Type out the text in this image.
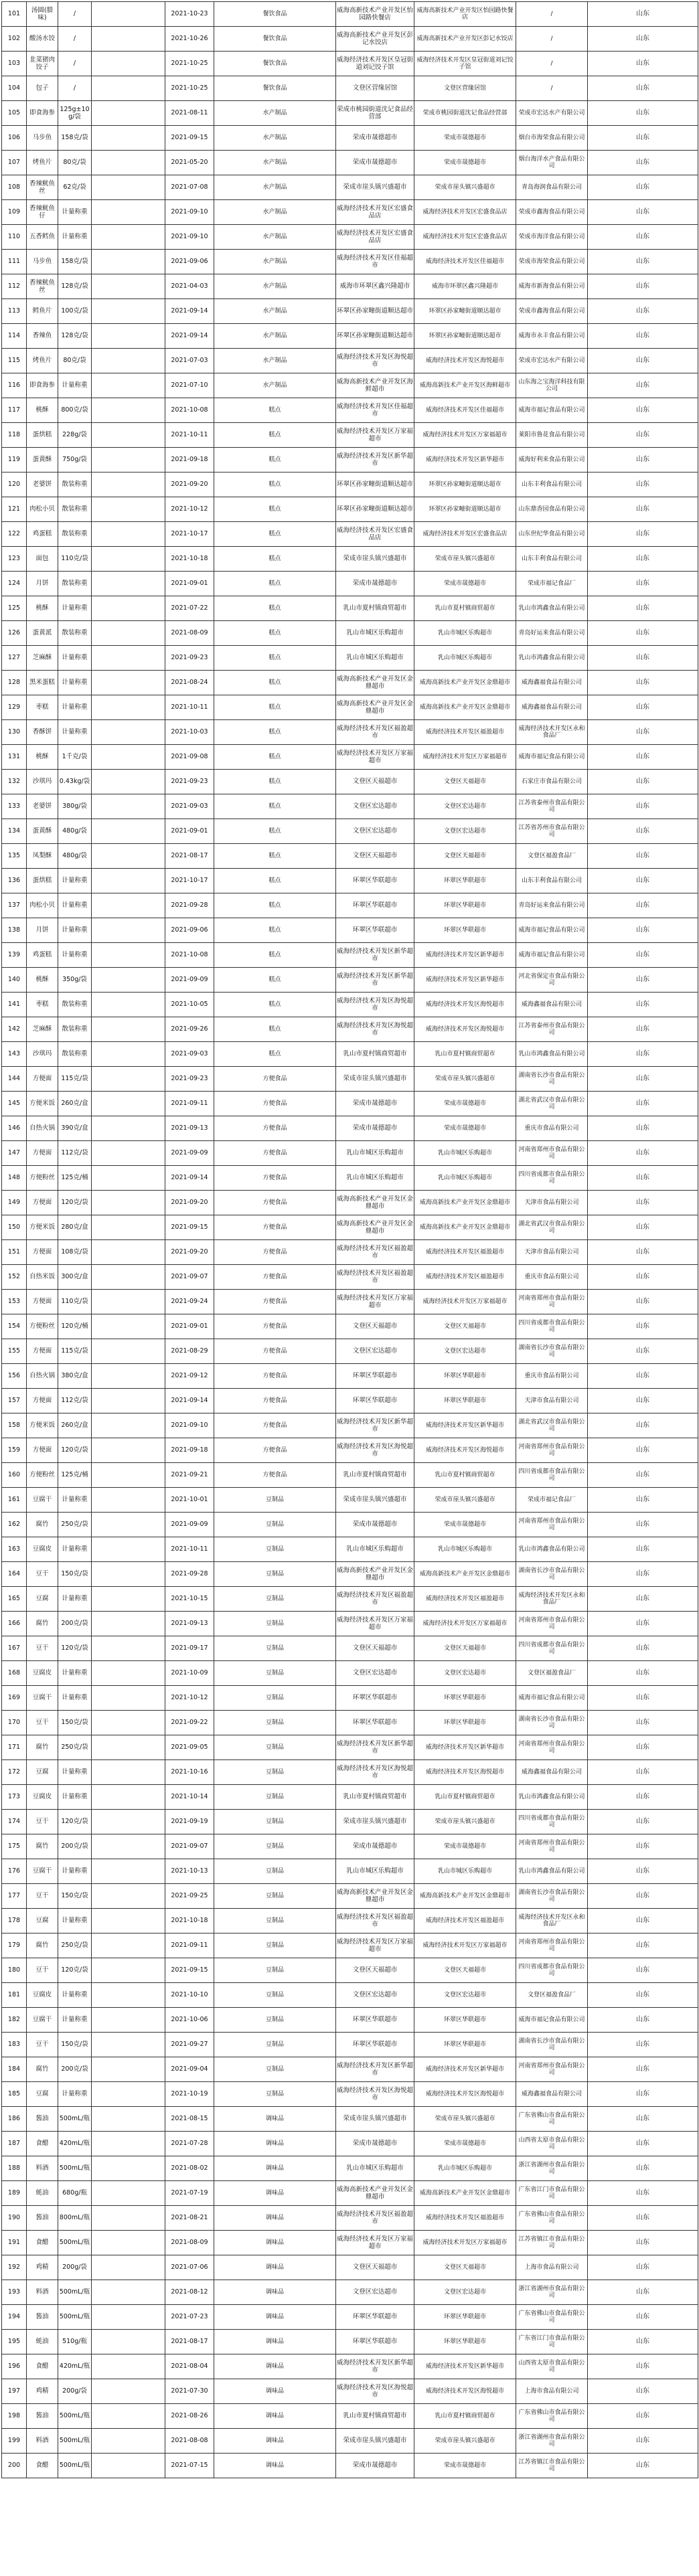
101	汤圆(腊味)	/		2021-10-23	餐饮食品	威海高新技术产业开发区怡园路快餐店	威海高新技术产业开发区怡园路快餐店	/	山东
102	酸汤水饺	/		2021-10-26	餐饮食品	威海高新技术产业开发区彭记水饺店	威海高新技术产业开发区彭记水饺店	/	山东
103	韭菜猪肉饺子	/		2021-10-25	餐饮食品	威海经济技术开发区皇冠街道刘记饺子馆	威海经济技术开发区皇冠街道刘记饺子馆	/	山东
104	包子	/		2021-10-25	餐饮食品	文登区营缘居馆	文登区营缘居馆	/	山东
105	即食海参	125g±10g/袋		2021-08-11	水产制品	荣成市桃园街道沈记食品经营部	荣成市桃园街道沈记食品经营部	荣成市宏达水产有限公司	山东
106	马步鱼	158克/袋		2021-09-15	水产制品	荣成市晟德超市	荣成市晟德超市	烟台市海荣食品有限公司	山东
107	烤鱼片	80克/袋		2021-05-20	水产制品	荣成市晟德超市	荣成市晟德超市	烟台海洋水产食品有限公司	山东
108	香辣鱿鱼丝	62克/袋		2021-07-08	水产制品	荣成市崖头镇兴盛超市	荣成市崖头镇兴盛超市	青岛海润食品有限公司	山东
109	香辣鱿鱼仔	计量称重		2021-09-10	水产制品	威海经济技术开发区宏盛食品店	威海经济技术开发区宏盛食品店	荣成市鑫海食品有限公司	山东
110	五香鳕鱼	计量称重		2021-09-10	水产制品	威海经济技术开发区宏盛食品店	威海经济技术开发区宏盛食品店	荣成市海洋食品有限公司	山东
111	马步鱼	158克/袋		2021-09-06	水产制品	威海经济技术开发区佳福超市	威海经济技术开发区佳福超市	荣成市海荣食品有限公司	山东
112	香辣鱿鱼丝	128克/袋		2021-04-03	水产制品	威海市环翠区鑫兴隆超市	威海市环翠区鑫兴隆超市	威海市新海食品有限公司	山东
113	鳕鱼片	100克/袋		2021-09-14	水产制品	环翠区孙家疃街道顺达超市	环翠区孙家疃街道顺达超市	荣成市鑫海食品有限公司	山东
114	香辣鱼	128克/袋		2021-09-14	水产制品	环翠区孙家疃街道顺达超市	环翠区孙家疃街道顺达超市	威海市永丰食品有限公司	山东
115	烤鱼片	80克/袋		2021-07-03	水产制品	威海经济技术开发区海悦超市	威海经济技术开发区海悦超市	荣成市宏达水产有限公司	山东
116	即食海参	计量称重		2021-07-10	水产制品	威海高新技术产业开发区海鲜超市	威海高新技术产业开发区海鲜超市	山东海之宝海洋科技有限公司	山东
117	桃酥	800克/袋		2021-10-08	糕点	威海经济技术开发区佳福超市	威海经济技术开发区佳福超市	威海市福记食品有限公司	山东
118	蛋烘糕	228g/袋		2021-10-11	糕点	威海经济技术开发区万家福超市	威海经济技术开发区万家福超市	莱阳市鲁花食品有限公司	山东
119	蛋黄酥	750g/袋		2021-09-18	糕点	威海经济技术开发区新华超市	威海经济技术开发区新华超市	威海好利来食品有限公司	山东
120	老婆饼	散装称重		2021-09-20	糕点	环翠区孙家疃街道顺达超市	环翠区孙家疃街道顺达超市	山东丰利食品有限公司	山东
121	肉松小贝	散装称重		2021-10-12	糕点	环翠区孙家疃街道顺达超市	环翠区孙家疃街道顺达超市	山东鼎香园食品有限公司	山东
122	鸡蛋糕	散装称重		2021-10-17	糕点	威海经济技术开发区宏盛食品店	威海经济技术开发区宏盛食品店	山东世纪华食品有限公司	山东
123	面包	110克/袋		2021-10-18	糕点	荣成市崖头镇兴盛超市	荣成市崖头镇兴盛超市	山东丰利食品有限公司	山东
124	月饼	散装称重		2021-09-01	糕点	荣成市晟德超市	荣成市晟德超市	荣成市福记食品厂	山东
125	桃酥	计量称重		2021-07-22	糕点	乳山市夏村镇商贸超市	乳山市夏村镇商贸超市	乳山市鸿鑫食品有限公司	山东
126	蛋黄派	散装称重		2021-08-09	糕点	乳山市城区乐购超市	乳山市城区乐购超市	青岛好运来食品有限公司	山东
127	芝麻酥	计量称重		2021-09-23	糕点	乳山市城区乐购超市	乳山市城区乐购超市	乳山市鸿鑫食品有限公司	山东
128	黑米蛋糕	计量称重		2021-08-24	糕点	威海高新技术产业开发区金鼎超市	威海高新技术产业开发区金鼎超市	威海鑫福食品有限公司	山东
129	枣糕	计量称重		2021-10-11	糕点	威海高新技术产业开发区金鼎超市	威海高新技术产业开发区金鼎超市	威海鑫福食品有限公司	山东
130	香酥饼	计量称重		2021-10-03	糕点	威海经济技术开发区福盈超市	威海经济技术开发区福盈超市	威海经济技术开发区永和食品厂	山东
131	桃酥	1千克/袋		2021-09-08	糕点	威海经济技术开发区万家福超市	威海经济技术开发区万家福超市	威海市福记食品有限公司	山东
132	沙琪玛	0.43kg/袋		2021-09-23	糕点	文登区天福超市	文登区天福超市	石家庄市食品有限公司	山东
133	老婆饼	380g/袋		2021-09-03	糕点	文登区宏达超市	文登区宏达超市	江苏省泰州市食品有限公司	山东
134	蛋黄酥	480g/袋		2021-09-01	糕点	文登区宏达超市	文登区宏达超市	江苏省苏州市食品有限公司	山东
135	凤梨酥	480g/袋		2021-08-17	糕点	文登区天福超市	文登区天福超市	文登区福盈食品厂	山东
136	蛋烘糕	计量称重		2021-10-17	糕点	环翠区华联超市	环翠区华联超市	山东丰利食品有限公司	山东
137	肉松小贝	计量称重		2021-09-28	糕点	环翠区华联超市	环翠区华联超市	青岛好运来食品有限公司	山东
138	月饼	计量称重		2021-09-06	糕点	环翠区华联超市	环翠区华联超市	威海市福记食品有限公司	山东
139	鸡蛋糕	计量称重		2021-10-08	糕点	威海经济技术开发区新华超市	威海经济技术开发区新华超市	威海市福记食品有限公司	山东
140	桃酥	350g/袋		2021-09-09	糕点	威海经济技术开发区新华超市	威海经济技术开发区新华超市	河北省保定市食品有限公司	山东
141	枣糕	散装称重		2021-10-05	糕点	威海经济技术开发区海悦超市	威海经济技术开发区海悦超市	威海鑫福食品有限公司	山东
142	芝麻酥	散装称重		2021-09-26	糕点	威海经济技术开发区海悦超市	威海经济技术开发区海悦超市	江苏省泰州市食品有限公司	山东
143	沙琪玛	散装称重		2021-09-03	糕点	乳山市夏村镇商贸超市	乳山市夏村镇商贸超市	乳山市鸿鑫食品有限公司	山东
144	方便面	115克/袋		2021-09-23	方便食品	荣成市崖头镇兴盛超市	荣成市崖头镇兴盛超市	湖南省长沙市食品有限公司	山东
145	方便米饭	260克/盒		2021-09-11	方便食品	荣成市晟德超市	荣成市晟德超市	湖北省武汉市食品有限公司	山东
146	自热火锅	390克/盒		2021-09-13	方便食品	荣成市晟德超市	荣成市晟德超市	重庆市食品有限公司	山东
147	方便面	112克/袋		2021-09-09	方便食品	乳山市城区乐购超市	乳山市城区乐购超市	河南省郑州市食品有限公司	山东
148	方便粉丝	125克/桶		2021-09-14	方便食品	乳山市城区乐购超市	乳山市城区乐购超市	四川省成都市食品有限公司	山东
149	方便面	120克/袋		2021-09-20	方便食品	威海高新技术产业开发区金鼎超市	威海高新技术产业开发区金鼎超市	天津市食品有限公司	山东
150	方便米饭	280克/盒		2021-09-15	方便食品	威海高新技术产业开发区金鼎超市	威海高新技术产业开发区金鼎超市	湖北省武汉市食品有限公司	山东
151	方便面	108克/袋		2021-09-20	方便食品	威海经济技术开发区福盈超市	威海经济技术开发区福盈超市	天津市食品有限公司	山东
152	自热米饭	300克/盒		2021-09-07	方便食品	威海经济技术开发区福盈超市	威海经济技术开发区福盈超市	重庆市食品有限公司	山东
153	方便面	110克/袋		2021-09-24	方便食品	威海经济技术开发区万家福超市	威海经济技术开发区万家福超市	河南省郑州市食品有限公司	山东
154	方便粉丝	120克/桶		2021-09-01	方便食品	文登区天福超市	文登区天福超市	四川省成都市食品有限公司	山东
155	方便面	115克/袋		2021-08-29	方便食品	文登区宏达超市	文登区宏达超市	湖南省长沙市食品有限公司	山东
156	自热火锅	380克/盒		2021-09-12	方便食品	环翠区华联超市	环翠区华联超市	重庆市食品有限公司	山东
157	方便面	112克/袋		2021-09-14	方便食品	环翠区华联超市	环翠区华联超市	天津市食品有限公司	山东
158	方便米饭	260克/盒		2021-09-10	方便食品	威海经济技术开发区新华超市	威海经济技术开发区新华超市	湖北省武汉市食品有限公司	山东
159	方便面	120克/袋		2021-09-18	方便食品	威海经济技术开发区海悦超市	威海经济技术开发区海悦超市	河南省郑州市食品有限公司	山东
160	方便粉丝	125克/桶		2021-09-21	方便食品	乳山市夏村镇商贸超市	乳山市夏村镇商贸超市	四川省成都市食品有限公司	山东
161	豆腐干	计量称重		2021-10-01	豆制品	荣成市崖头镇兴盛超市	荣成市崖头镇兴盛超市	荣成市福记食品厂	山东
162	腐竹	250克/袋		2021-09-09	豆制品	荣成市晟德超市	荣成市晟德超市	河南省郑州市食品有限公司	山东
163	豆腐皮	计量称重		2021-10-11	豆制品	乳山市城区乐购超市	乳山市城区乐购超市	乳山市鸿鑫食品有限公司	山东
164	豆干	150克/袋		2021-09-28	豆制品	威海高新技术产业开发区金鼎超市	威海高新技术产业开发区金鼎超市	湖南省长沙市食品有限公司	山东
165	豆腐	计量称重		2021-10-15	豆制品	威海经济技术开发区福盈超市	威海经济技术开发区福盈超市	威海经济技术开发区永和食品厂	山东
166	腐竹	200克/袋		2021-09-13	豆制品	威海经济技术开发区万家福超市	威海经济技术开发区万家福超市	河南省郑州市食品有限公司	山东
167	豆干	120克/袋		2021-09-17	豆制品	文登区天福超市	文登区天福超市	四川省成都市食品有限公司	山东
168	豆腐皮	计量称重		2021-10-09	豆制品	文登区宏达超市	文登区宏达超市	文登区福盈食品厂	山东
169	豆腐干	计量称重		2021-10-12	豆制品	环翠区华联超市	环翠区华联超市	威海市福记食品有限公司	山东
170	豆干	150克/袋		2021-09-22	豆制品	环翠区华联超市	环翠区华联超市	湖南省长沙市食品有限公司	山东
171	腐竹	250克/袋		2021-09-05	豆制品	威海经济技术开发区新华超市	威海经济技术开发区新华超市	河南省郑州市食品有限公司	山东
172	豆腐	计量称重		2021-10-16	豆制品	威海经济技术开发区海悦超市	威海经济技术开发区海悦超市	威海鑫福食品有限公司	山东
173	豆腐皮	计量称重		2021-10-14	豆制品	乳山市夏村镇商贸超市	乳山市夏村镇商贸超市	乳山市鸿鑫食品有限公司	山东
174	豆干	120克/袋		2021-09-19	豆制品	荣成市崖头镇兴盛超市	荣成市崖头镇兴盛超市	四川省成都市食品有限公司	山东
175	腐竹	200克/袋		2021-09-07	豆制品	荣成市晟德超市	荣成市晟德超市	河南省郑州市食品有限公司	山东
176	豆腐干	计量称重		2021-10-13	豆制品	乳山市城区乐购超市	乳山市城区乐购超市	乳山市鸿鑫食品有限公司	山东
177	豆干	150克/袋		2021-09-25	豆制品	威海高新技术产业开发区金鼎超市	威海高新技术产业开发区金鼎超市	湖南省长沙市食品有限公司	山东
178	豆腐	计量称重		2021-10-18	豆制品	威海经济技术开发区福盈超市	威海经济技术开发区福盈超市	威海经济技术开发区永和食品厂	山东
179	腐竹	250克/袋		2021-09-11	豆制品	威海经济技术开发区万家福超市	威海经济技术开发区万家福超市	河南省郑州市食品有限公司	山东
180	豆干	120克/袋		2021-09-15	豆制品	文登区天福超市	文登区天福超市	四川省成都市食品有限公司	山东
181	豆腐皮	计量称重		2021-10-10	豆制品	文登区宏达超市	文登区宏达超市	文登区福盈食品厂	山东
182	豆腐干	计量称重		2021-10-06	豆制品	环翠区华联超市	环翠区华联超市	威海市福记食品有限公司	山东
183	豆干	150克/袋		2021-09-27	豆制品	环翠区华联超市	环翠区华联超市	湖南省长沙市食品有限公司	山东
184	腐竹	200克/袋		2021-09-04	豆制品	威海经济技术开发区新华超市	威海经济技术开发区新华超市	河南省郑州市食品有限公司	山东
185	豆腐	计量称重		2021-10-19	豆制品	威海经济技术开发区海悦超市	威海经济技术开发区海悦超市	威海鑫福食品有限公司	山东
186	酱油	500mL/瓶		2021-08-15	调味品	荣成市崖头镇兴盛超市	荣成市崖头镇兴盛超市	广东省佛山市食品有限公司	山东
187	食醋	420mL/瓶		2021-07-28	调味品	荣成市晟德超市	荣成市晟德超市	山西省太原市食品有限公司	山东
188	料酒	500mL/瓶		2021-08-02	调味品	乳山市城区乐购超市	乳山市城区乐购超市	浙江省湖州市食品有限公司	山东
189	蚝油	680g/瓶		2021-07-19	调味品	威海高新技术产业开发区金鼎超市	威海高新技术产业开发区金鼎超市	广东省江门市食品有限公司	山东
190	酱油	800mL/瓶		2021-08-21	调味品	威海经济技术开发区福盈超市	威海经济技术开发区福盈超市	广东省佛山市食品有限公司	山东
191	食醋	500mL/瓶		2021-08-09	调味品	威海经济技术开发区万家福超市	威海经济技术开发区万家福超市	江苏省镇江市食品有限公司	山东
192	鸡精	200g/袋		2021-07-06	调味品	文登区天福超市	文登区天福超市	上海市食品有限公司	山东
193	料酒	500mL/瓶		2021-08-12	调味品	文登区宏达超市	文登区宏达超市	浙江省湖州市食品有限公司	山东
194	酱油	500mL/瓶		2021-07-23	调味品	环翠区华联超市	环翠区华联超市	广东省佛山市食品有限公司	山东
195	蚝油	510g/瓶		2021-08-17	调味品	环翠区华联超市	环翠区华联超市	广东省江门市食品有限公司	山东
196	食醋	420mL/瓶		2021-08-04	调味品	威海经济技术开发区新华超市	威海经济技术开发区新华超市	山西省太原市食品有限公司	山东
197	鸡精	200g/袋		2021-07-30	调味品	威海经济技术开发区海悦超市	威海经济技术开发区海悦超市	上海市食品有限公司	山东
198	酱油	500mL/瓶		2021-08-26	调味品	乳山市夏村镇商贸超市	乳山市夏村镇商贸超市	广东省佛山市食品有限公司	山东
199	料酒	500mL/瓶		2021-08-08	调味品	荣成市崖头镇兴盛超市	荣成市崖头镇兴盛超市	浙江省湖州市食品有限公司	山东
200	食醋	500mL/瓶		2021-07-15	调味品	荣成市晟德超市	荣成市晟德超市	江苏省镇江市食品有限公司	山东
